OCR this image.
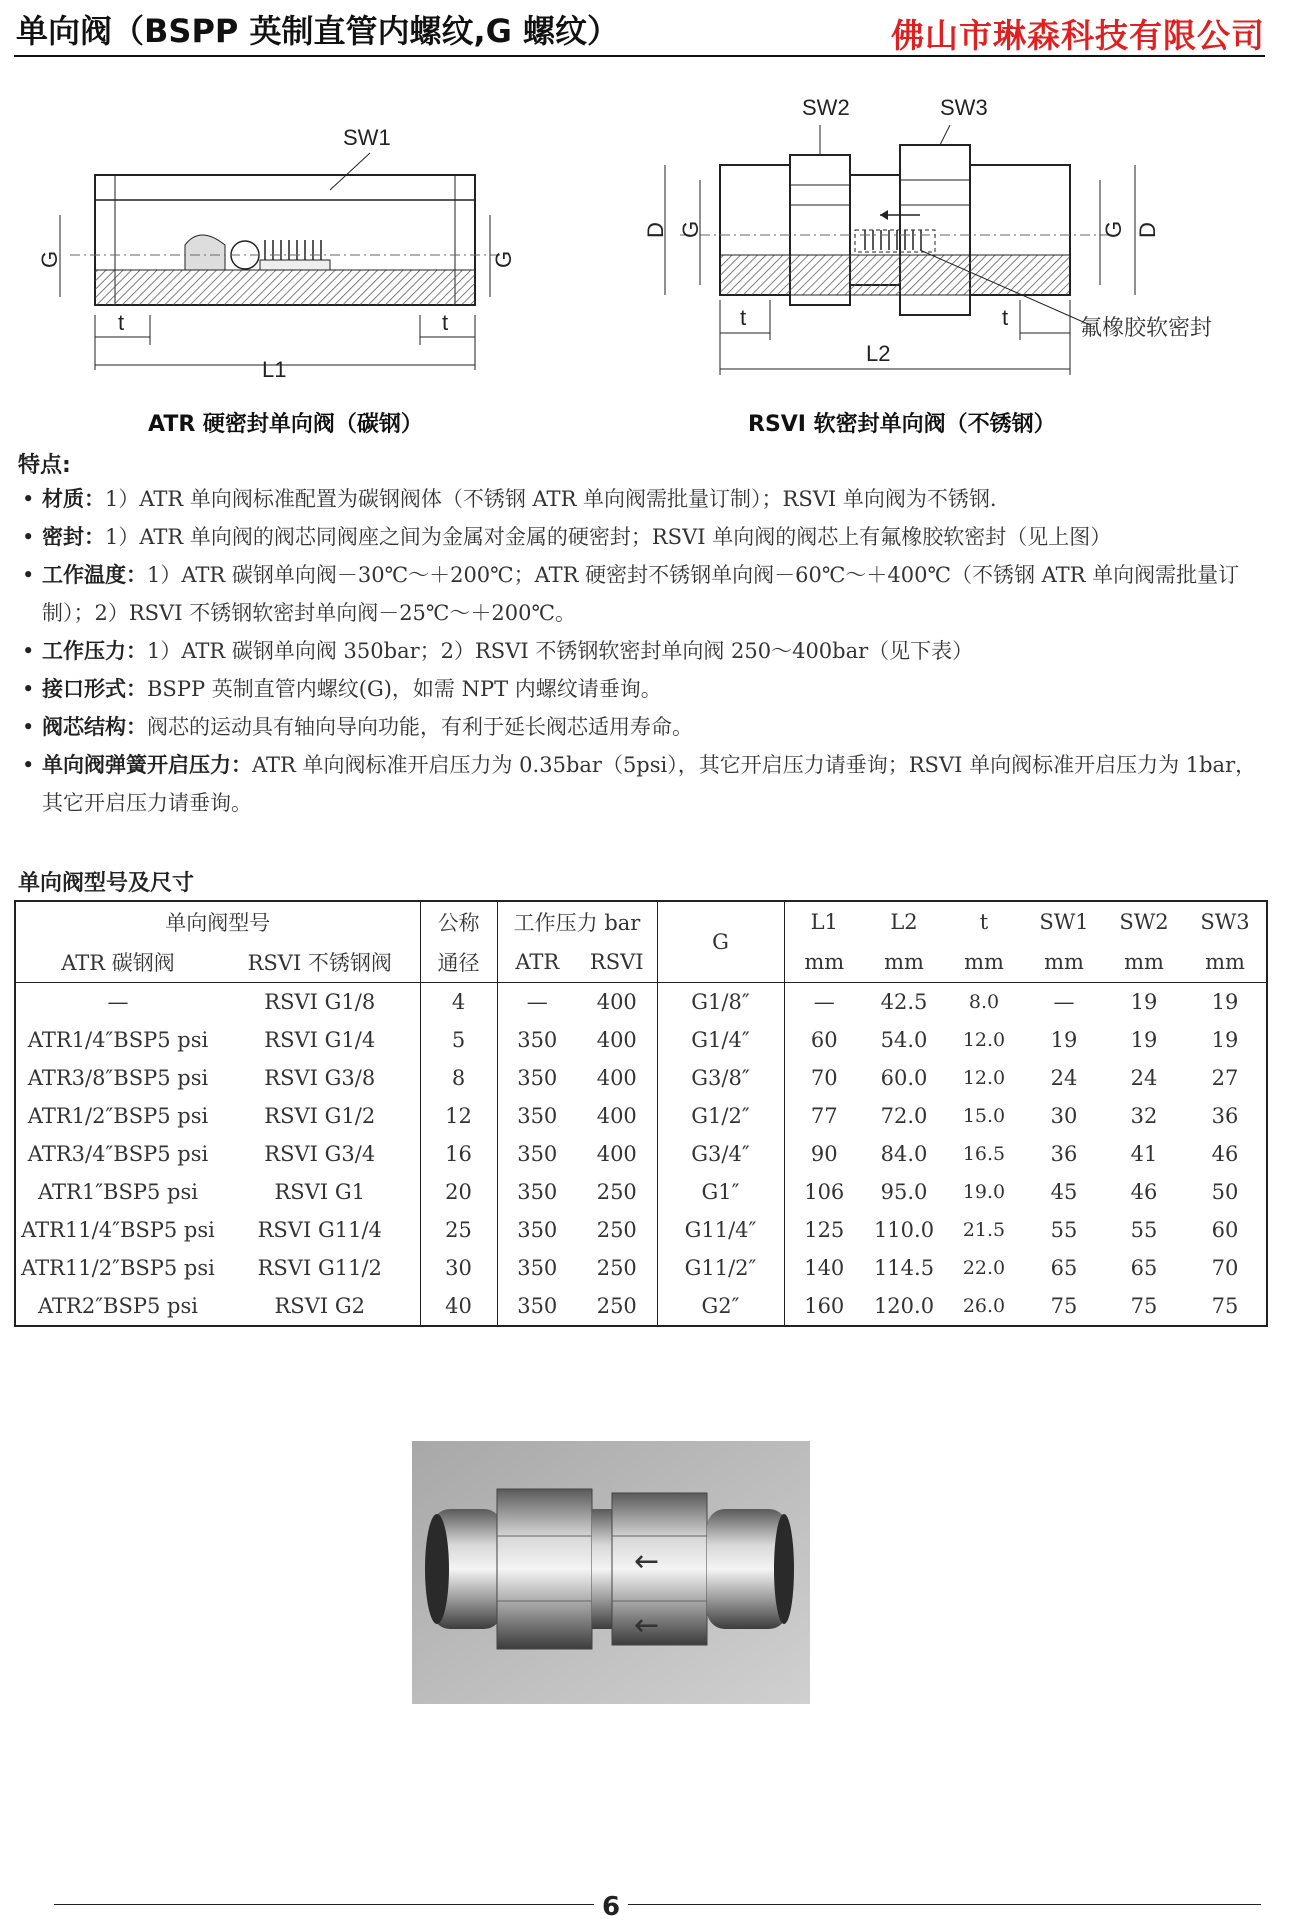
单向阀（BSPP 英制直管内螺纹,G 螺纹）	佛山市琳森科技有限公司
SW1
G	G
t	t
L1
ATR 硬密封单向阀（碳钢）
SW2	SW3
D G	G D
氟橡胶软密封
t	t
L2
RSVI 软密封单向阀（不锈钢）
特点:
• 材质：1）ATR 单向阀标准配置为碳钢阀体（不锈钢 ATR 单向阀需批量订制）；RSVI 单向阀为不锈钢.
• 密封：1）ATR 单向阀的阀芯同阀座之间为金属对金属的硬密封；RSVI 单向阀的阀芯上有氟橡胶软密封（见上图）
• 工作温度：1）ATR 碳钢单向阀－30℃～＋200℃；ATR 硬密封不锈钢单向阀－60℃～＋400℃（不锈钢 ATR 单向阀需批量订制）；2）RSVI 不锈钢软密封单向阀－25℃～＋200℃。
• 工作压力：1）ATR 碳钢单向阀 350bar；2）RSVI 不锈钢软密封单向阀 250～400bar（见下表）
• 接口形式：BSPP 英制直管内螺纹(G)，如需 NPT 内螺纹请垂询。
• 阀芯结构：阀芯的运动具有轴向导向功能，有利于延长阀芯适用寿命。
• 单向阀弹簧开启压力：ATR 单向阀标准开启压力为 0.35bar（5psi），其它开启压力请垂询；RSVI 单向阀标准开启压力为 1bar，其它开启压力请垂询。
单向阀型号及尺寸
单向阀型号		公称	工作压力 bar		G	L1	L2	t	SW1	SW2	SW3
ATR 碳钢阀	RSVI 不锈钢阀	通径	ATR	RSVI		mm	mm	mm	mm	mm	mm
—	RSVI G1/8	4	—	400	G1/8″	—	42.5	8.0	—	19	19
ATR1/4″BSP5 psi	RSVI G1/4	5	350	400	G1/4″	60	54.0	12.0	19	19	19
ATR3/8″BSP5 psi	RSVI G3/8	8	350	400	G3/8″	70	60.0	12.0	24	24	27
ATR1/2″BSP5 psi	RSVI G1/2	12	350	400	G1/2″	77	72.0	15.0	30	32	36
ATR3/4″BSP5 psi	RSVI G3/4	16	350	400	G3/4″	90	84.0	16.5	36	41	46
ATR1″BSP5 psi	RSVI G1	20	350	250	G1″	106	95.0	19.0	45	46	50
ATR11/4″BSP5 psi	RSVI G11/4	25	350	250	G11/4″	125	110.0	21.5	55	55	60
ATR11/2″BSP5 psi	RSVI G11/2	30	350	250	G11/2″	140	114.5	22.0	65	65	70
ATR2″BSP5 psi	RSVI G2	40	350	250	G2″	160	120.0	26.0	75	75	75
←
←
6
